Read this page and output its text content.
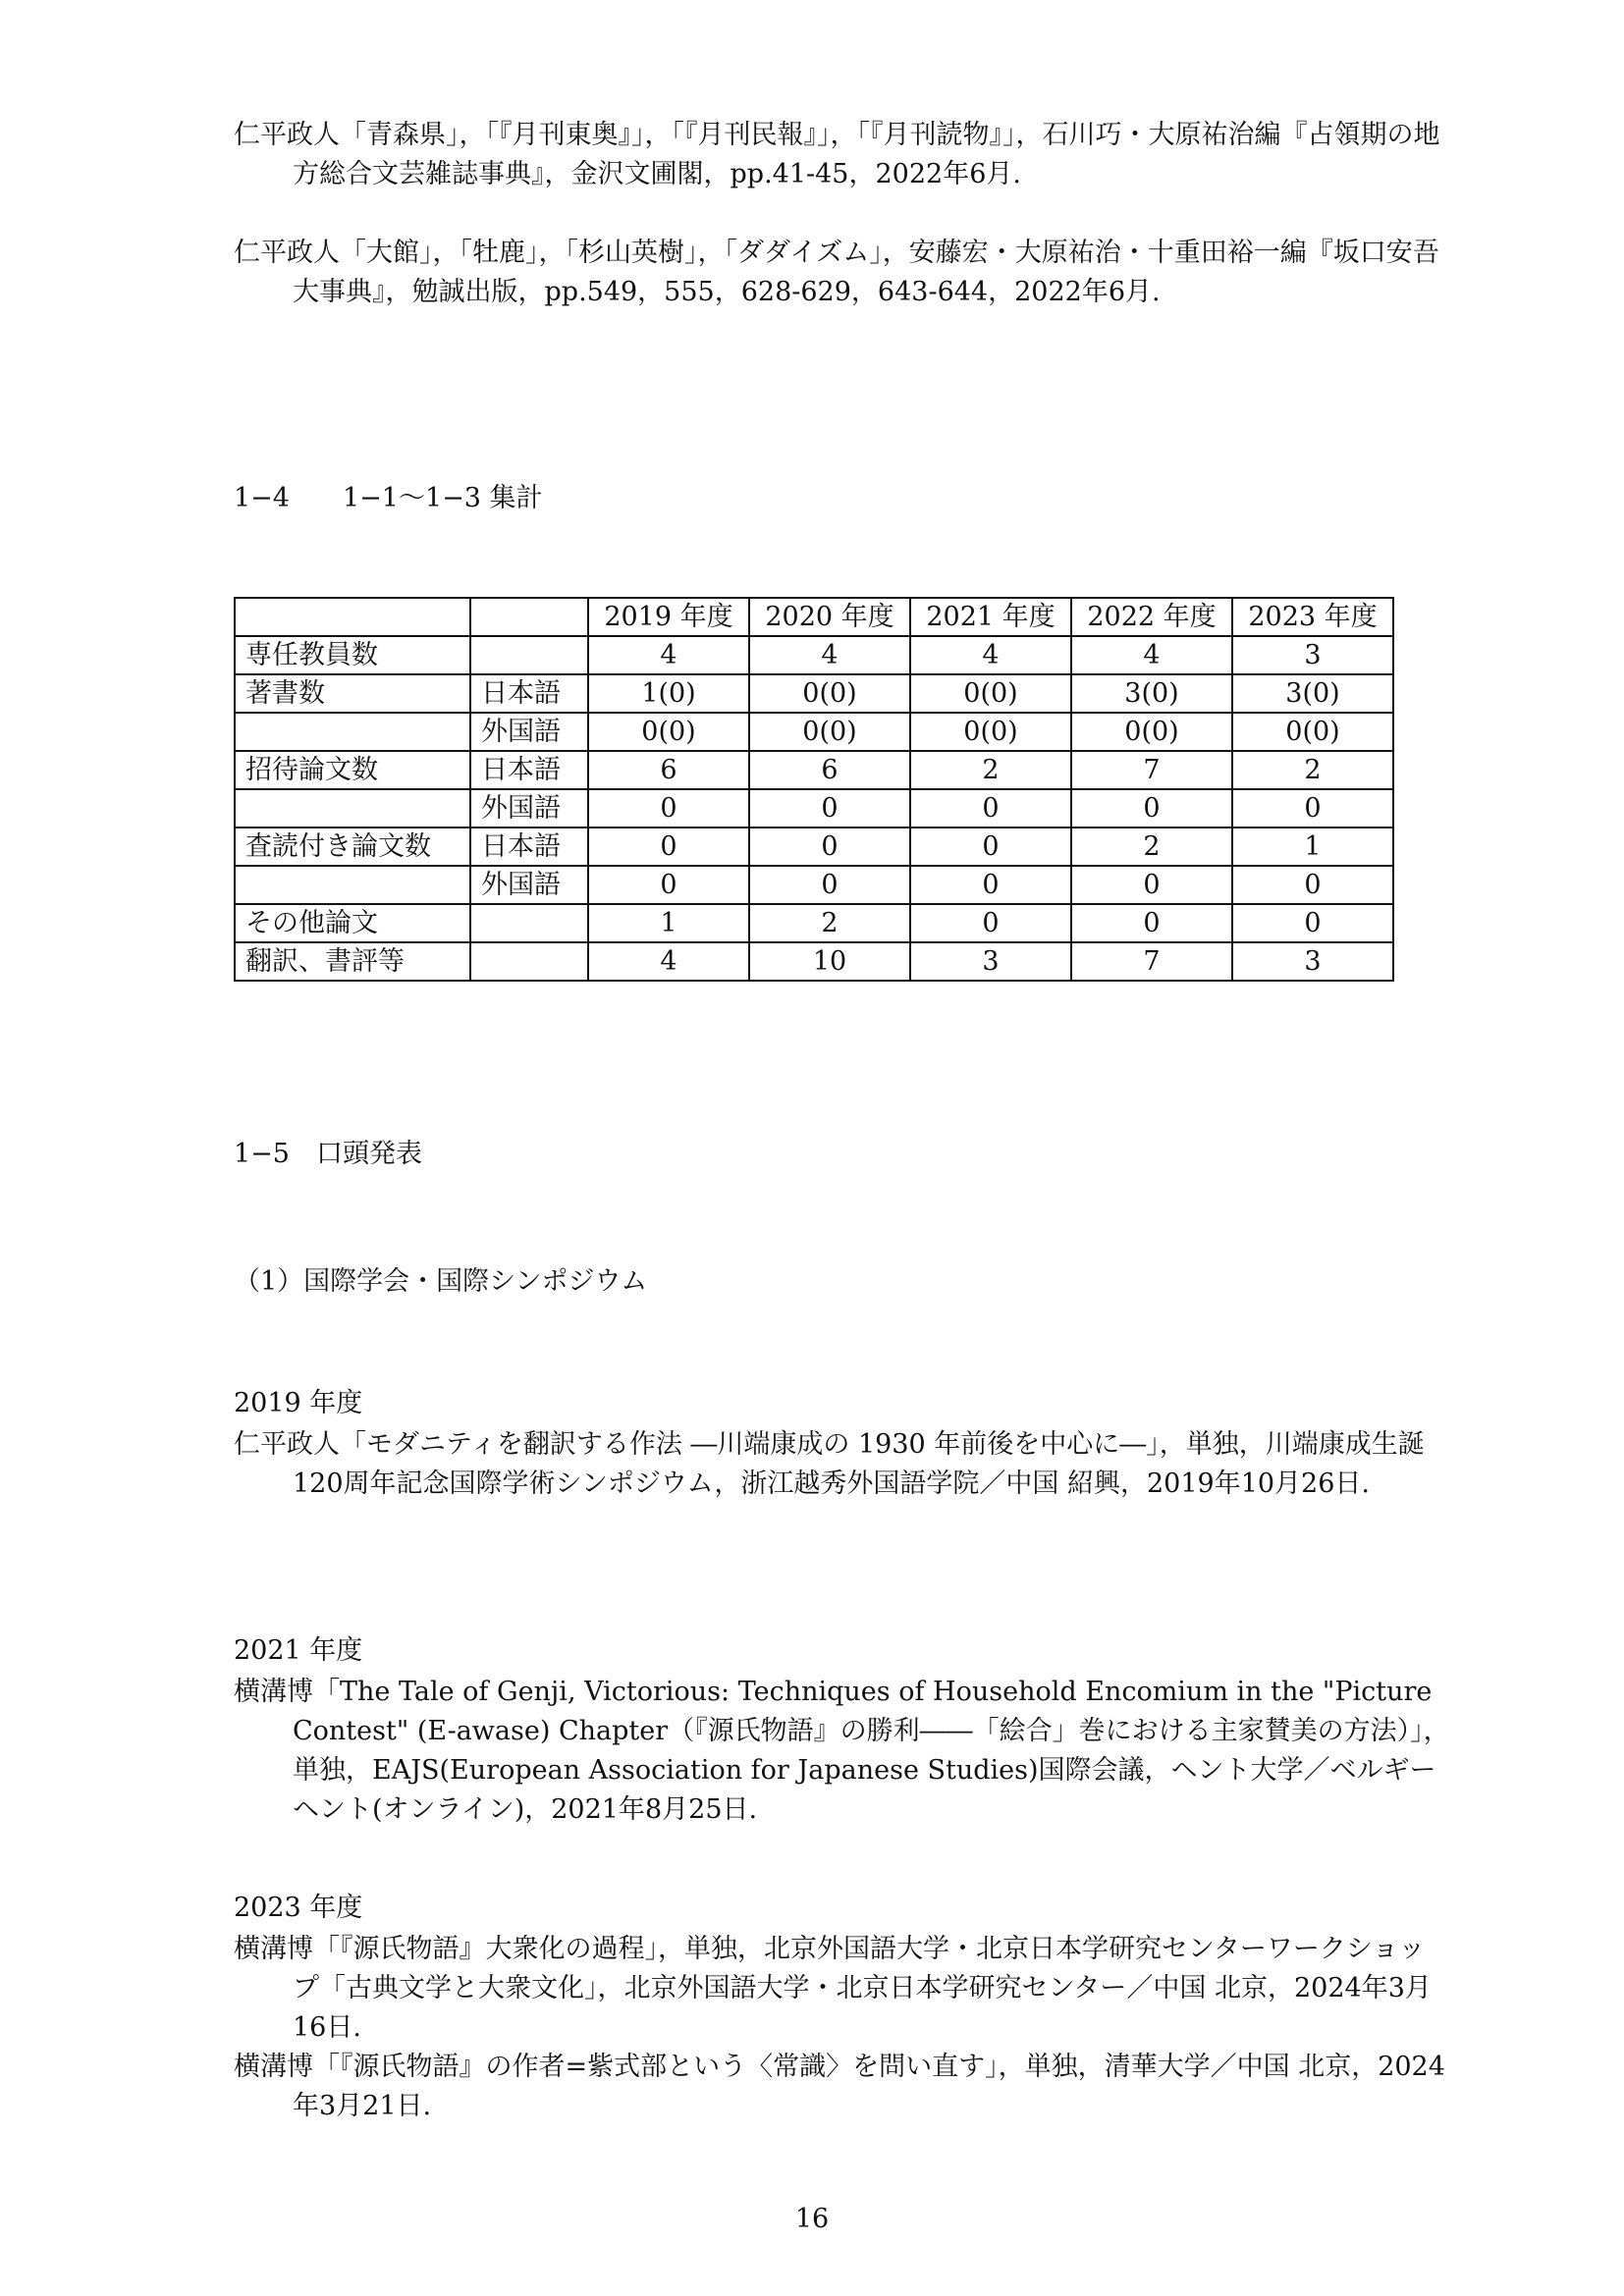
仁平政人「青森県」，「『月刊東奥』」，「『月刊民報』」，「『月刊読物』」，石川巧・大原祐治編『占領期の地方総合文芸雑誌事典』，金沢文圃閣，pp.41-45，2022年6月.
仁平政人「大館」，「牡鹿」，「杉山英樹」，「ダダイズム」，安藤宏・大原祐治・十重田裕一編『坂口安吾大事典』，勉誠出版，pp.549，555，628-629，643-644，2022年6月.
1−4　　1−1〜1−3 集計
		2019 年度	2020 年度	2021 年度	2022 年度	2023 年度
専任教員数		4	4	4	4	3
著書数	日本語	1(0)	0(0)	0(0)	3(0)	3(0)
	外国語	0(0)	0(0)	0(0)	0(0)	0(0)
招待論文数	日本語	6	6	2	7	2
	外国語	0	0	0	0	0
査読付き論文数	日本語	0	0	0	2	1
	外国語	0	0	0	0	0
その他論文		1	2	0	0	0
翻訳、書評等		4	10	3	7	3
1−5　口頭発表
（1）国際学会・国際シンポジウム
2019 年度
仁平政人「モダニティを翻訳する作法 ―川端康成の 1930 年前後を中心に―」，単独，川端康成生誕120周年記念国際学術シンポジウム，浙江越秀外国語学院／中国 紹興，2019年10月26日.
2021 年度
横溝博「The Tale of Genji, Victorious: Techniques of Household Encomium in the "Picture Contest" (E-awase) Chapter（『源氏物語』の勝利――「絵合」巻における主家賛美の方法）」，単独，EAJS(European Association for Japanese Studies)国際会議，ヘント大学／ベルギー ヘント(オンライン)，2021年8月25日.
2023 年度
横溝博「『源氏物語』大衆化の過程」，単独，北京外国語大学・北京日本学研究センターワークショップ「古典文学と大衆文化」，北京外国語大学・北京日本学研究センター／中国 北京，2024年3月16日.
横溝博「『源氏物語』の作者=紫式部という〈常識〉を問い直す」，単独，清華大学／中国 北京，2024年3月21日.
16
